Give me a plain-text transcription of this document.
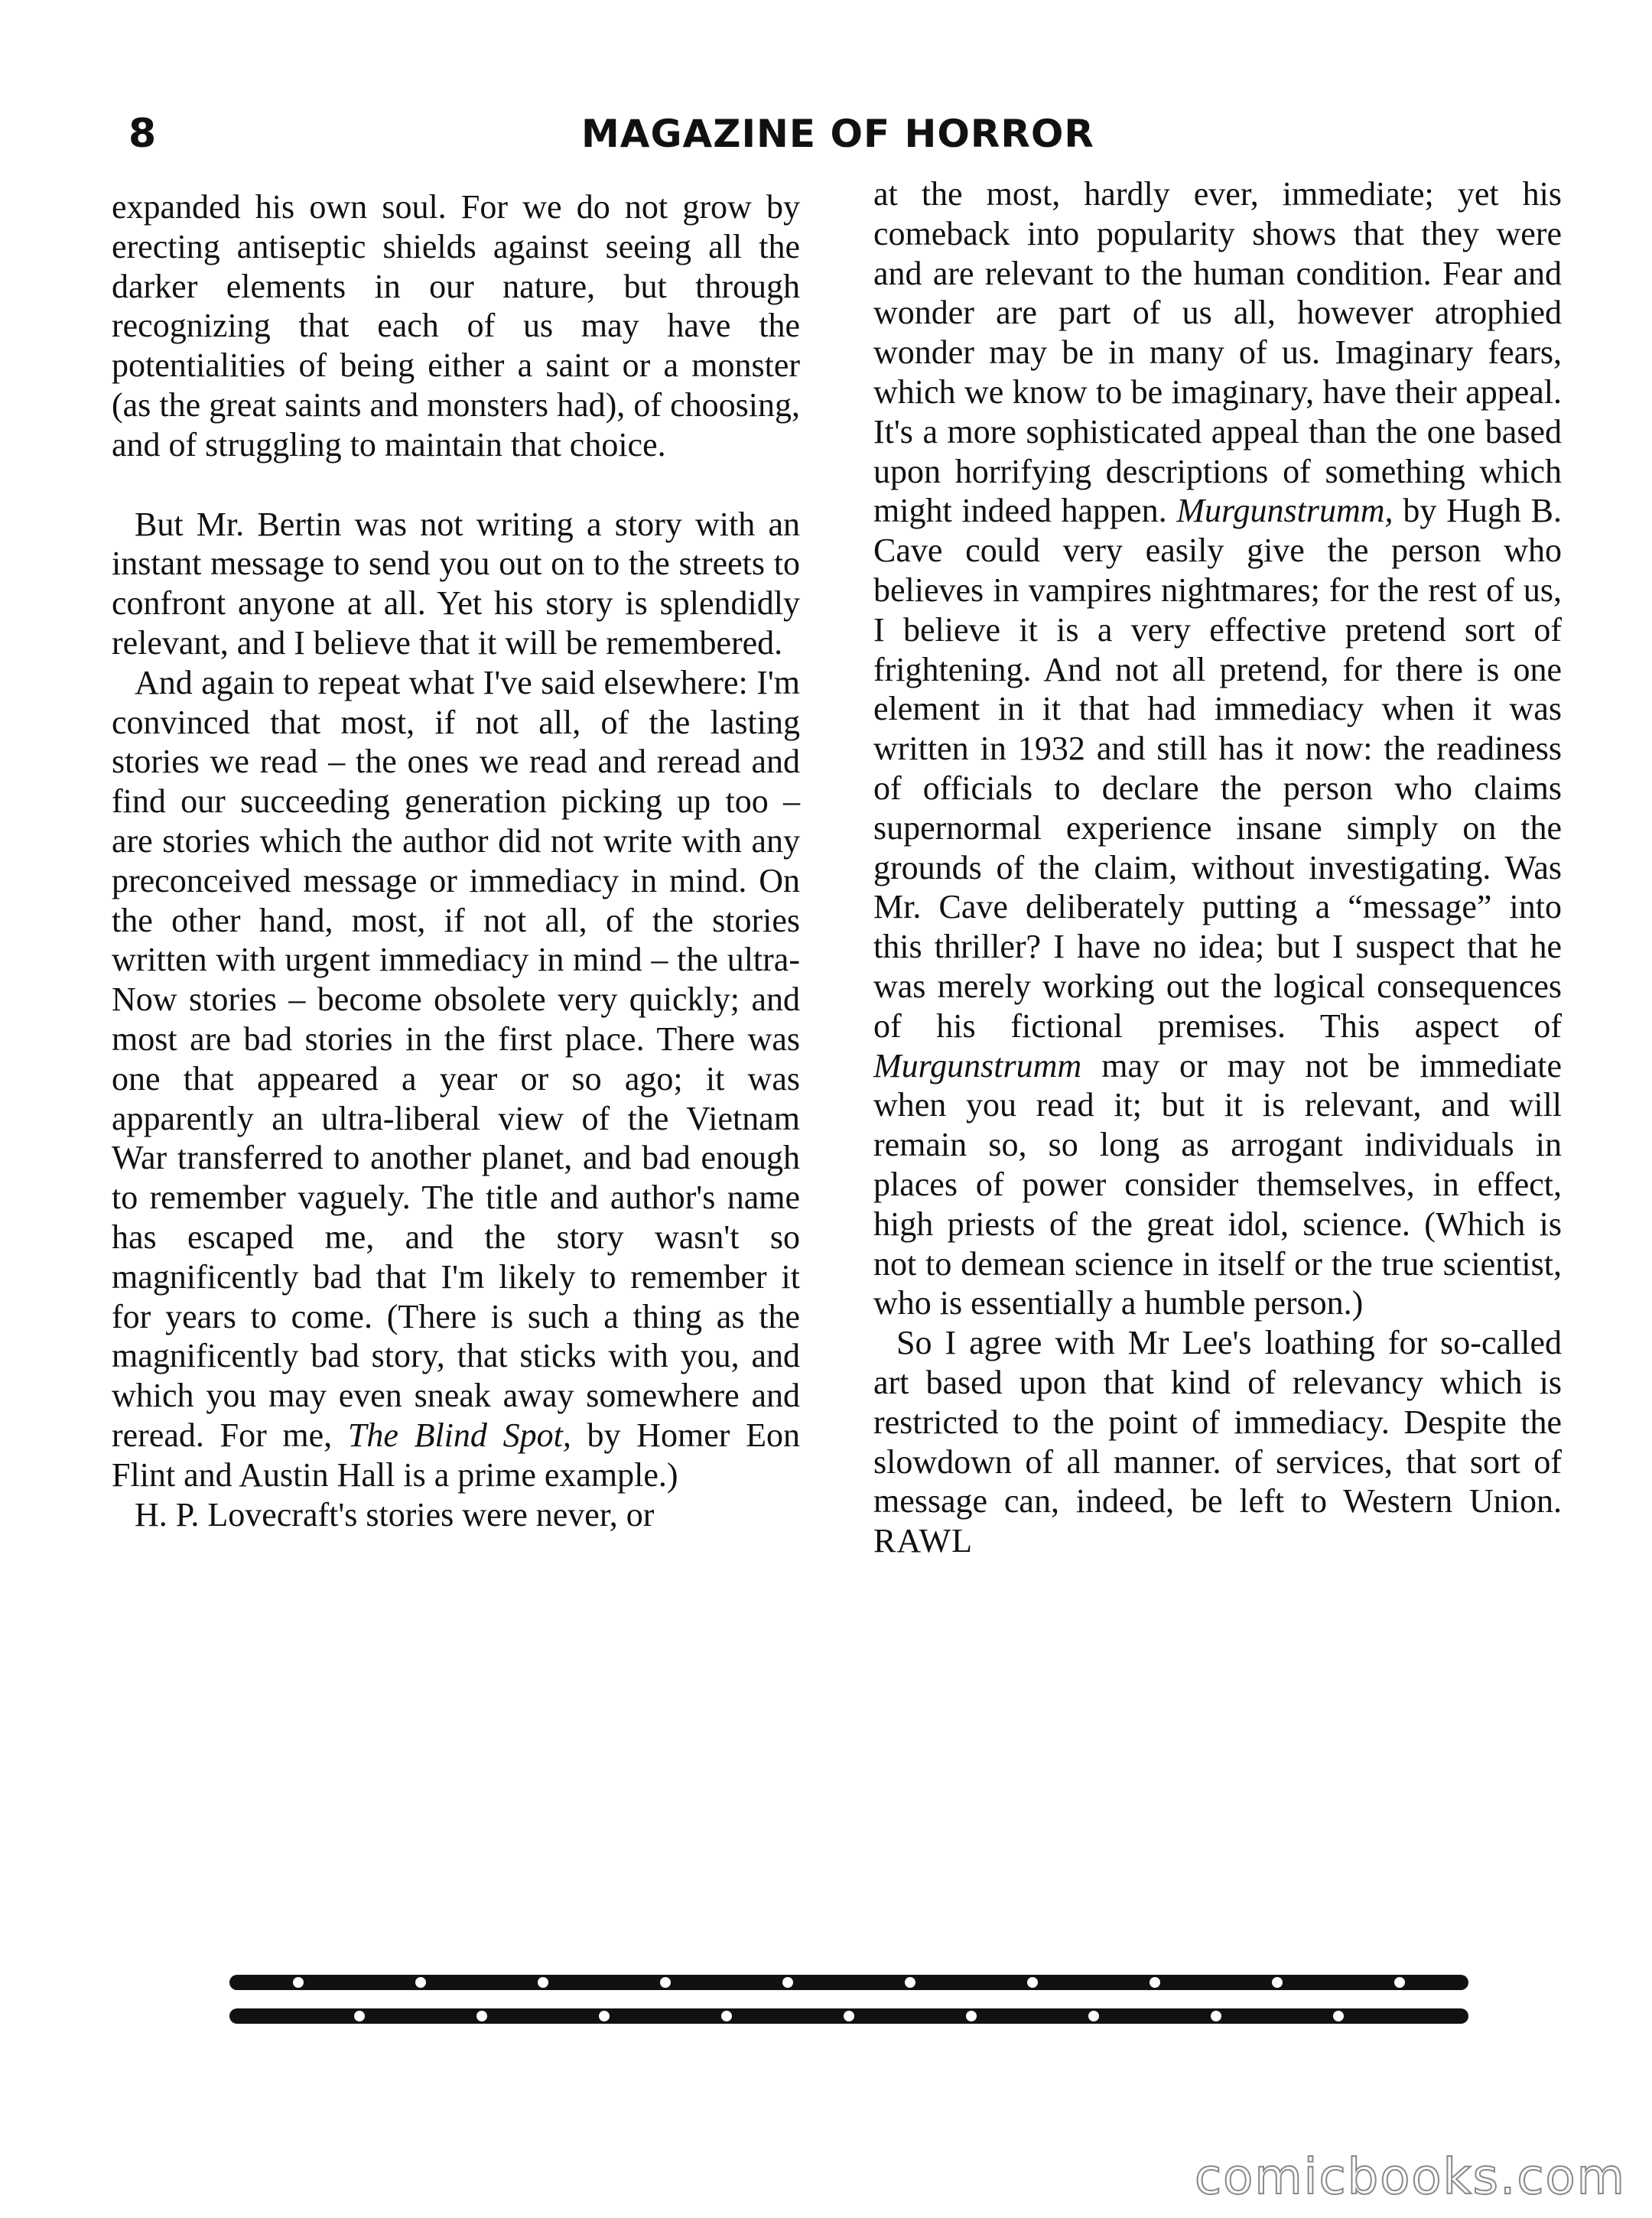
8	MAGAZINE OF HORROR

expanded his own soul. For we do not grow by erecting antiseptic shields against seeing all the darker elements in our nature, but through recognizing that each of us may have the potentialities of being either a saint or a monster (as the great saints and monsters had), of choosing, and of struggling to maintain that choice.

But Mr. Bertin was not writing a story with an instant message to send you out on to the streets to confront anyone at all. Yet his story is splendidly relevant, and I believe that it will be remembered.

And again to repeat what I've said elsewhere: I'm convinced that most, if not all, of the lasting stories we read – the ones we read and reread and find our succeeding generation picking up too – are stories which the author did not write with any preconceived message or immediacy in mind. On the other hand, most, if not all, of the stories written with urgent immediacy in mind – the ultra-Now stories – become obsolete very quickly; and most are bad stories in the first place. There was one that appeared a year or so ago; it was apparently an ultra-liberal view of the Vietnam War transferred to another planet, and bad enough to remember vaguely. The title and author's name has escaped me, and the story wasn't so magnificently bad that I'm likely to remember it for years to come. (There is such a thing as the magnificently bad story, that sticks with you, and which you may even sneak away somewhere and reread. For me, The Blind Spot, by Homer Eon Flint and Austin Hall is a prime example.)

H. P. Lovecraft's stories were never, or

at the most, hardly ever, immediate; yet his comeback into popularity shows that they were and are relevant to the human condition. Fear and wonder are part of us all, however atrophied wonder may be in many of us. Imaginary fears, which we know to be imaginary, have their appeal. It's a more sophisticated appeal than the one based upon horrifying descriptions of something which might indeed happen. Murgunstrumm, by Hugh B. Cave could very easily give the person who believes in vampires nightmares; for the rest of us, I believe it is a very effective pretend sort of frightening. And not all pretend, for there is one element in it that had immediacy when it was written in 1932 and still has it now: the readiness of officials to declare the person who claims supernormal experience insane simply on the grounds of the claim, without investigating. Was Mr. Cave deliberately putting a “message” into this thriller? I have no idea; but I suspect that he was merely working out the logical consequences of his fictional premises. This aspect of Murgunstrumm may or may not be immediate when you read it; but it is relevant, and will remain so, so long as arrogant individuals in places of power consider themselves, in effect, high priests of the great idol, science. (Which is not to demean science in itself or the true scientist, who is essentially a humble person.)

So I agree with Mr Lee's loathing for so-called art based upon that kind of relevancy which is restricted to the point of immediacy. Despite the slowdown of all manner. of services, that sort of message can, indeed, be left to Western Union. RAWL

comicbooks.com
